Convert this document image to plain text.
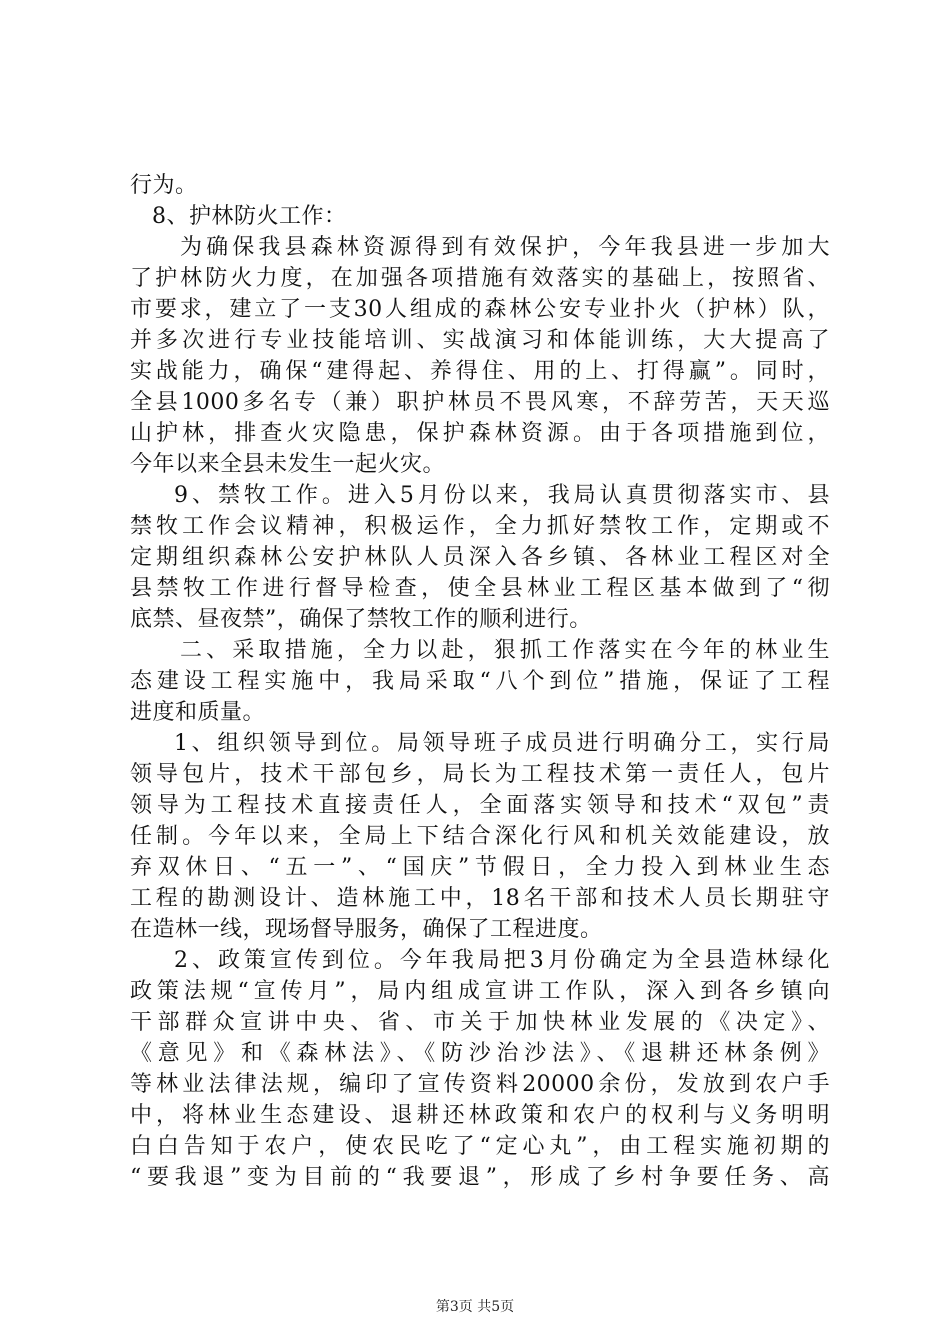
行为。
8、护林防火工作：
为确保我县森林资源得到有效保护，今年我县进一步加大
了护林防火力度，在加强各项措施有效落实的基础上，按照省、
市要求，建立了一支30人组成的森林公安专业扑火（护林）队，
并多次进行专业技能培训、实战演习和体能训练，大大提高了
实战能力，确保“建得起、养得住、用的上、打得赢”。同时，
全县1000多名专（兼）职护林员不畏风寒，不辞劳苦，天天巡
山护林，排查火灾隐患，保护森林资源。由于各项措施到位，
今年以来全县未发生一起火灾。
9、禁牧工作。进入5月份以来，我局认真贯彻落实市、县
禁牧工作会议精神，积极运作，全力抓好禁牧工作，定期或不
定期组织森林公安护林队人员深入各乡镇、各林业工程区对全
县禁牧工作进行督导检查，使全县林业工程区基本做到了“彻
底禁、昼夜禁”，确保了禁牧工作的顺利进行。
二、采取措施，全力以赴，狠抓工作落实在今年的林业生
态建设工程实施中，我局采取“八个到位”措施，保证了工程
进度和质量。
1、组织领导到位。局领导班子成员进行明确分工，实行局
领导包片，技术干部包乡，局长为工程技术第一责任人，包片
领导为工程技术直接责任人，全面落实领导和技术“双包”责
任制。今年以来，全局上下结合深化行风和机关效能建设，放
弃双休日、“五一”、“国庆”节假日，全力投入到林业生态
工程的勘测设计、造林施工中，18名干部和技术人员长期驻守
在造林一线，现场督导服务，确保了工程进度。
2、政策宣传到位。今年我局把3月份确定为全县造林绿化
政策法规“宣传月”，局内组成宣讲工作队，深入到各乡镇向
干部群众宣讲中央、省、市关于加快林业发展的《决定》、
《意见》和《森林法》、《防沙治沙法》、《退耕还林条例》
等林业法律法规，编印了宣传资料20000余份，发放到农户手
中，将林业生态建设、退耕还林政策和农户的权利与义务明明
白白告知于农户，使农民吃了“定心丸”，由工程实施初期的
“要我退”变为目前的“我要退”，形成了乡村争要任务、高
第3页 共5页
